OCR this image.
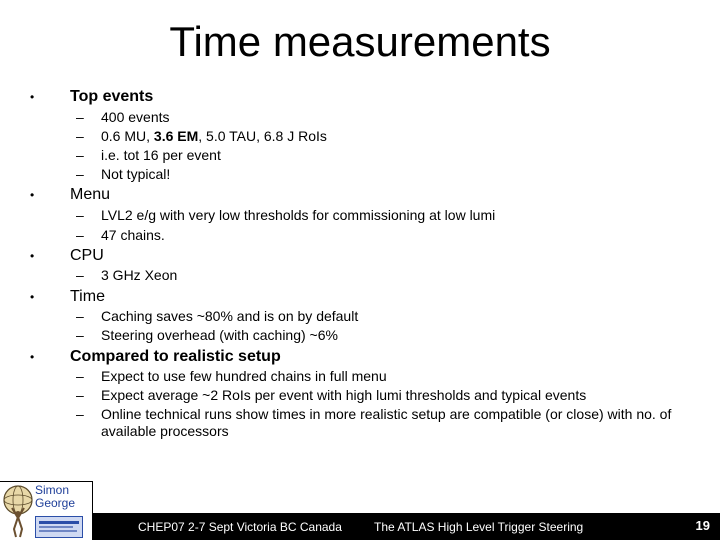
Time measurements
• Top events
– 400 events
– 0.6 MU, 3.6 EM, 5.0 TAU, 6.8 J RoIs
– i.e. tot 16 per event
– Not typical!
• Menu
– LVL2 e/g with very low thresholds for commissioning at low lumi
– 47 chains.
• CPU
– 3 GHz Xeon
• Time
– Caching saves ~80% and is on by default
– Steering overhead (with caching) ~6%
• Compared to realistic setup
– Expect to use few hundred chains in full menu
– Expect average ~2 RoIs per event with high lumi thresholds and typical events
– Online technical runs show times in more realistic setup are compatible (or close) with no. of available processors
Simon
George
CHEP07 2-7 Sept Victoria BC Canada	The ATLAS High Level Trigger Steering	19
